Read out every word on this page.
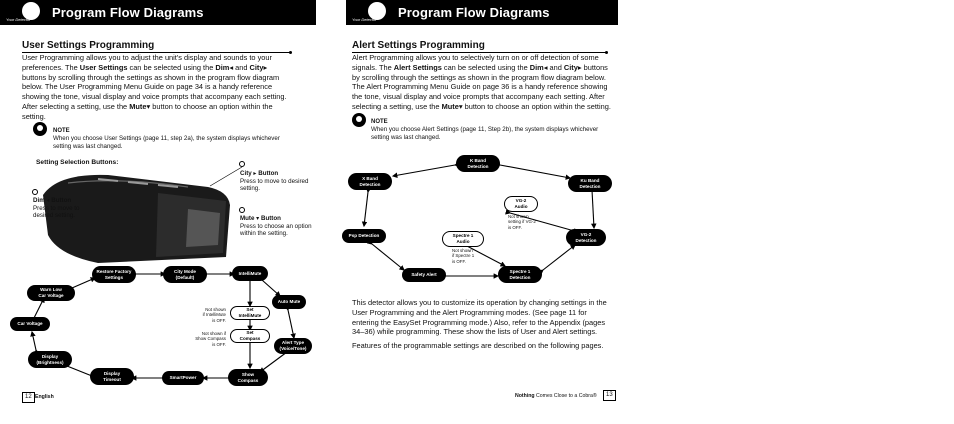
Your Detector Program Flow Diagrams
User Settings Programming
User Programming allows you to adjust the unit's display and sounds to your preferences. The User Settings can be selected using the Dim◂ and City▸ buttons by scrolling through the settings as shown in the program flow diagram below. The User Programming Menu Guide on page 34 is a handy reference showing the tone, visual display and voice prompts that accompany each setting. After selecting a setting, use the Mute▾ button to choose an option within the setting.
NOTE
When you choose User Settings (page 11, step 2a), the system displays whichever setting was last changed.
Setting Selection Buttons:
City ▸ Button
Press to move to desired setting.
Dim ◂ Button
Press to move to desired setting.	Mute ▾ Button
Press to choose an option within the setting.
Warn Low
Car Voltage
Restore Factory
Settings
City Mode
(Default)
IntelliMute
Auto Mute
Car Voltage
Set
IntelliMute
Set
Compass
Alert Type
(Voice/Tone)
Display
(Brightness)
Display
Timeout	SmartPower
Show
Compass
Not shown
if IntelliMute
is OFF.
Not shown if
Show Compass
is OFF.
12 English
Your Detector Program Flow Diagrams
Alert Settings Programming
Alert Programming allows you to selectively turn on or off detection of some signals. The Alert Settings can be selected using the Dim◂ and City▸ buttons by scrolling through the settings as shown in the program flow diagram below. The Alert Programming Menu Guide on page 36 is a handy reference showing the tone, visual display and voice prompts that accompany each setting. After selecting a setting, use the Mute▾ button to choose an option within the setting.
NOTE
When you choose Alert Settings (page 11, Step 2b), the system displays whichever setting was last changed.
K Band
Detection
X Band
Detection
Ku Band
Detection
VG-2
Audio
Psp Detection	Spectre 1
Audio
VG-2
Detection
Safety Alert
Spectre 1
Detection
Not shown
setting if VG-2
is OFF.
Not shown
if Spectre 1
is OFF.
This detector allows you to customize its operation by changing settings in the User Programming and the Alert Programming modes. (See page 11 for entering the EasySet Programming mode.) Also, refer to the Appendix (pages 34–36) while programming. These show the lists of User and Alert settings.
Features of the programmable settings are described on the following pages.
Nothing Comes Close to a Cobra®	13
